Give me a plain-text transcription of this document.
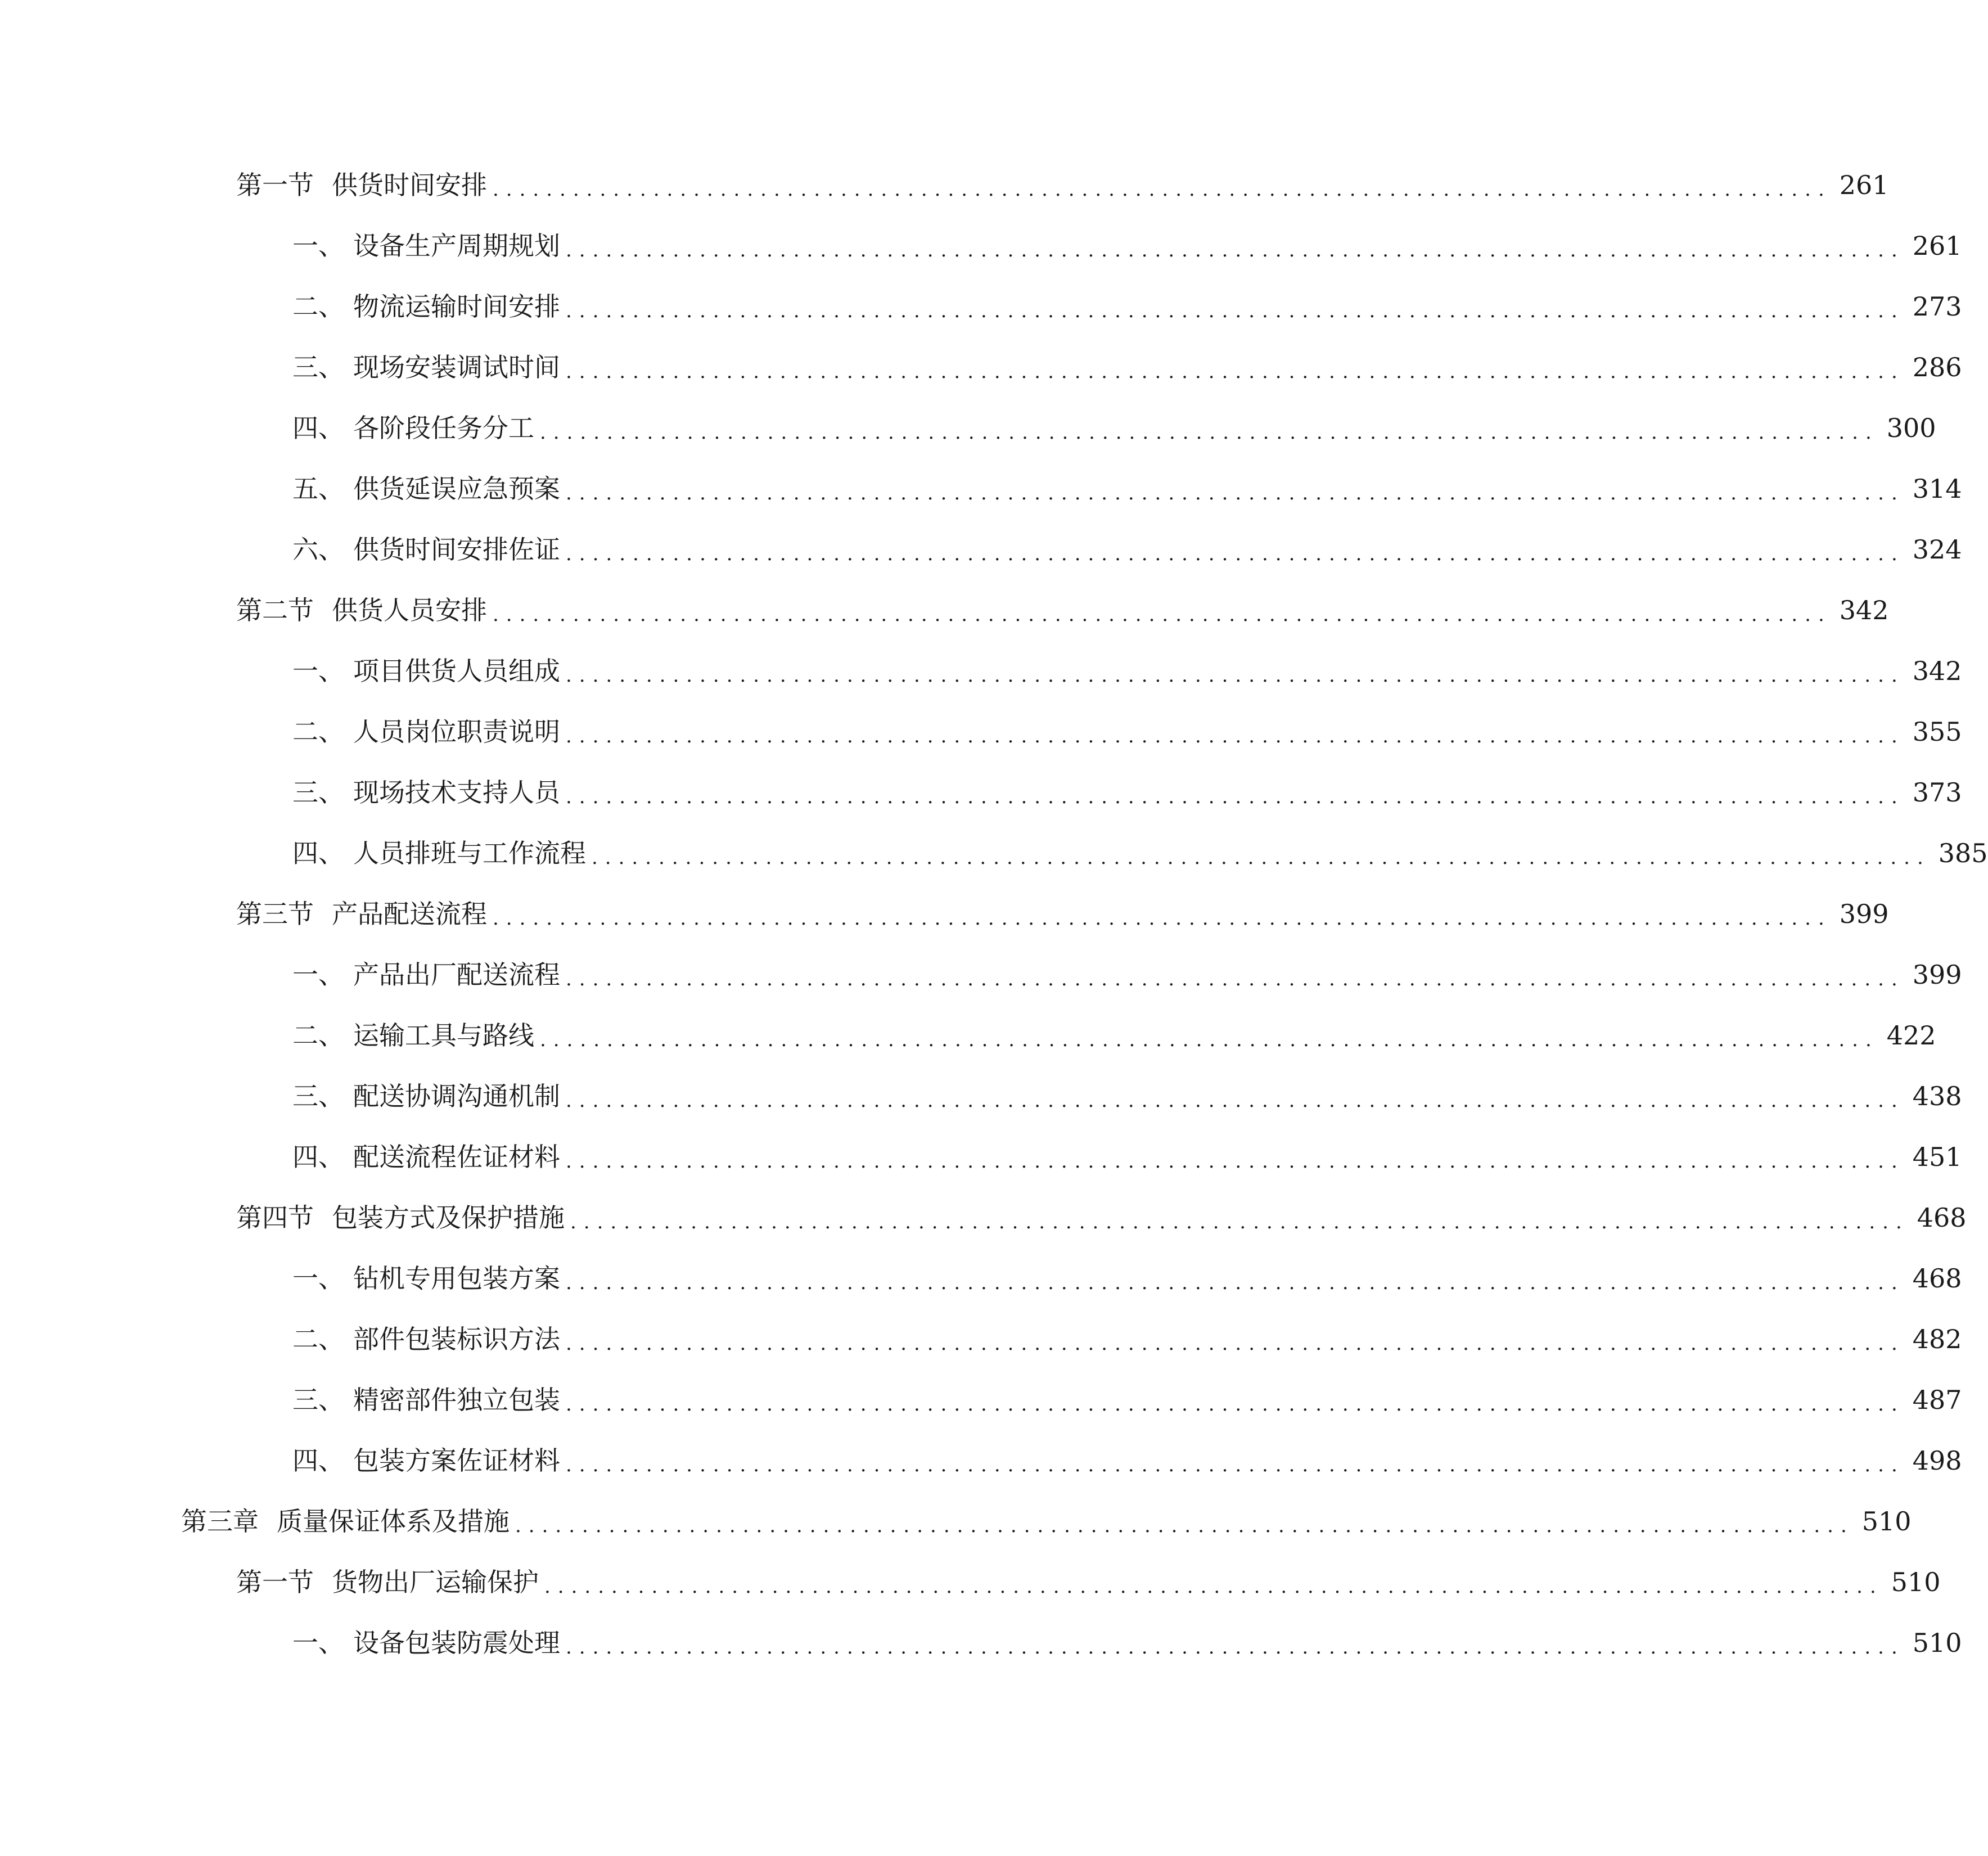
第一节 供货时间安排 .................................................................................................... 261
一、 设备生产周期规划 .................................................................................................... 261
二、 物流运输时间安排 .................................................................................................... 273
三、 现场安装调试时间 .................................................................................................... 286
四、 各阶段任务分工 .................................................................................................... 300
五、 供货延误应急预案 .................................................................................................... 314
六、 供货时间安排佐证 .................................................................................................... 324
第二节 供货人员安排 .................................................................................................... 342
一、 项目供货人员组成 .................................................................................................... 342
二、 人员岗位职责说明 .................................................................................................... 355
三、 现场技术支持人员 .................................................................................................... 373
四、 人员排班与工作流程 .................................................................................................... 385
第三节 产品配送流程 .................................................................................................... 399
一、 产品出厂配送流程 .................................................................................................... 399
二、 运输工具与路线 .................................................................................................... 422
三、 配送协调沟通机制 .................................................................................................... 438
四、 配送流程佐证材料 .................................................................................................... 451
第四节 包装方式及保护措施 .................................................................................................... 468
一、 钻机专用包装方案 .................................................................................................... 468
二、 部件包装标识方法 .................................................................................................... 482
三、 精密部件独立包装 .................................................................................................... 487
四、 包装方案佐证材料 .................................................................................................... 498
第三章 质量保证体系及措施 .................................................................................................... 510
第一节 货物出厂运输保护 .................................................................................................... 510
一、 设备包装防震处理 .................................................................................................... 510
